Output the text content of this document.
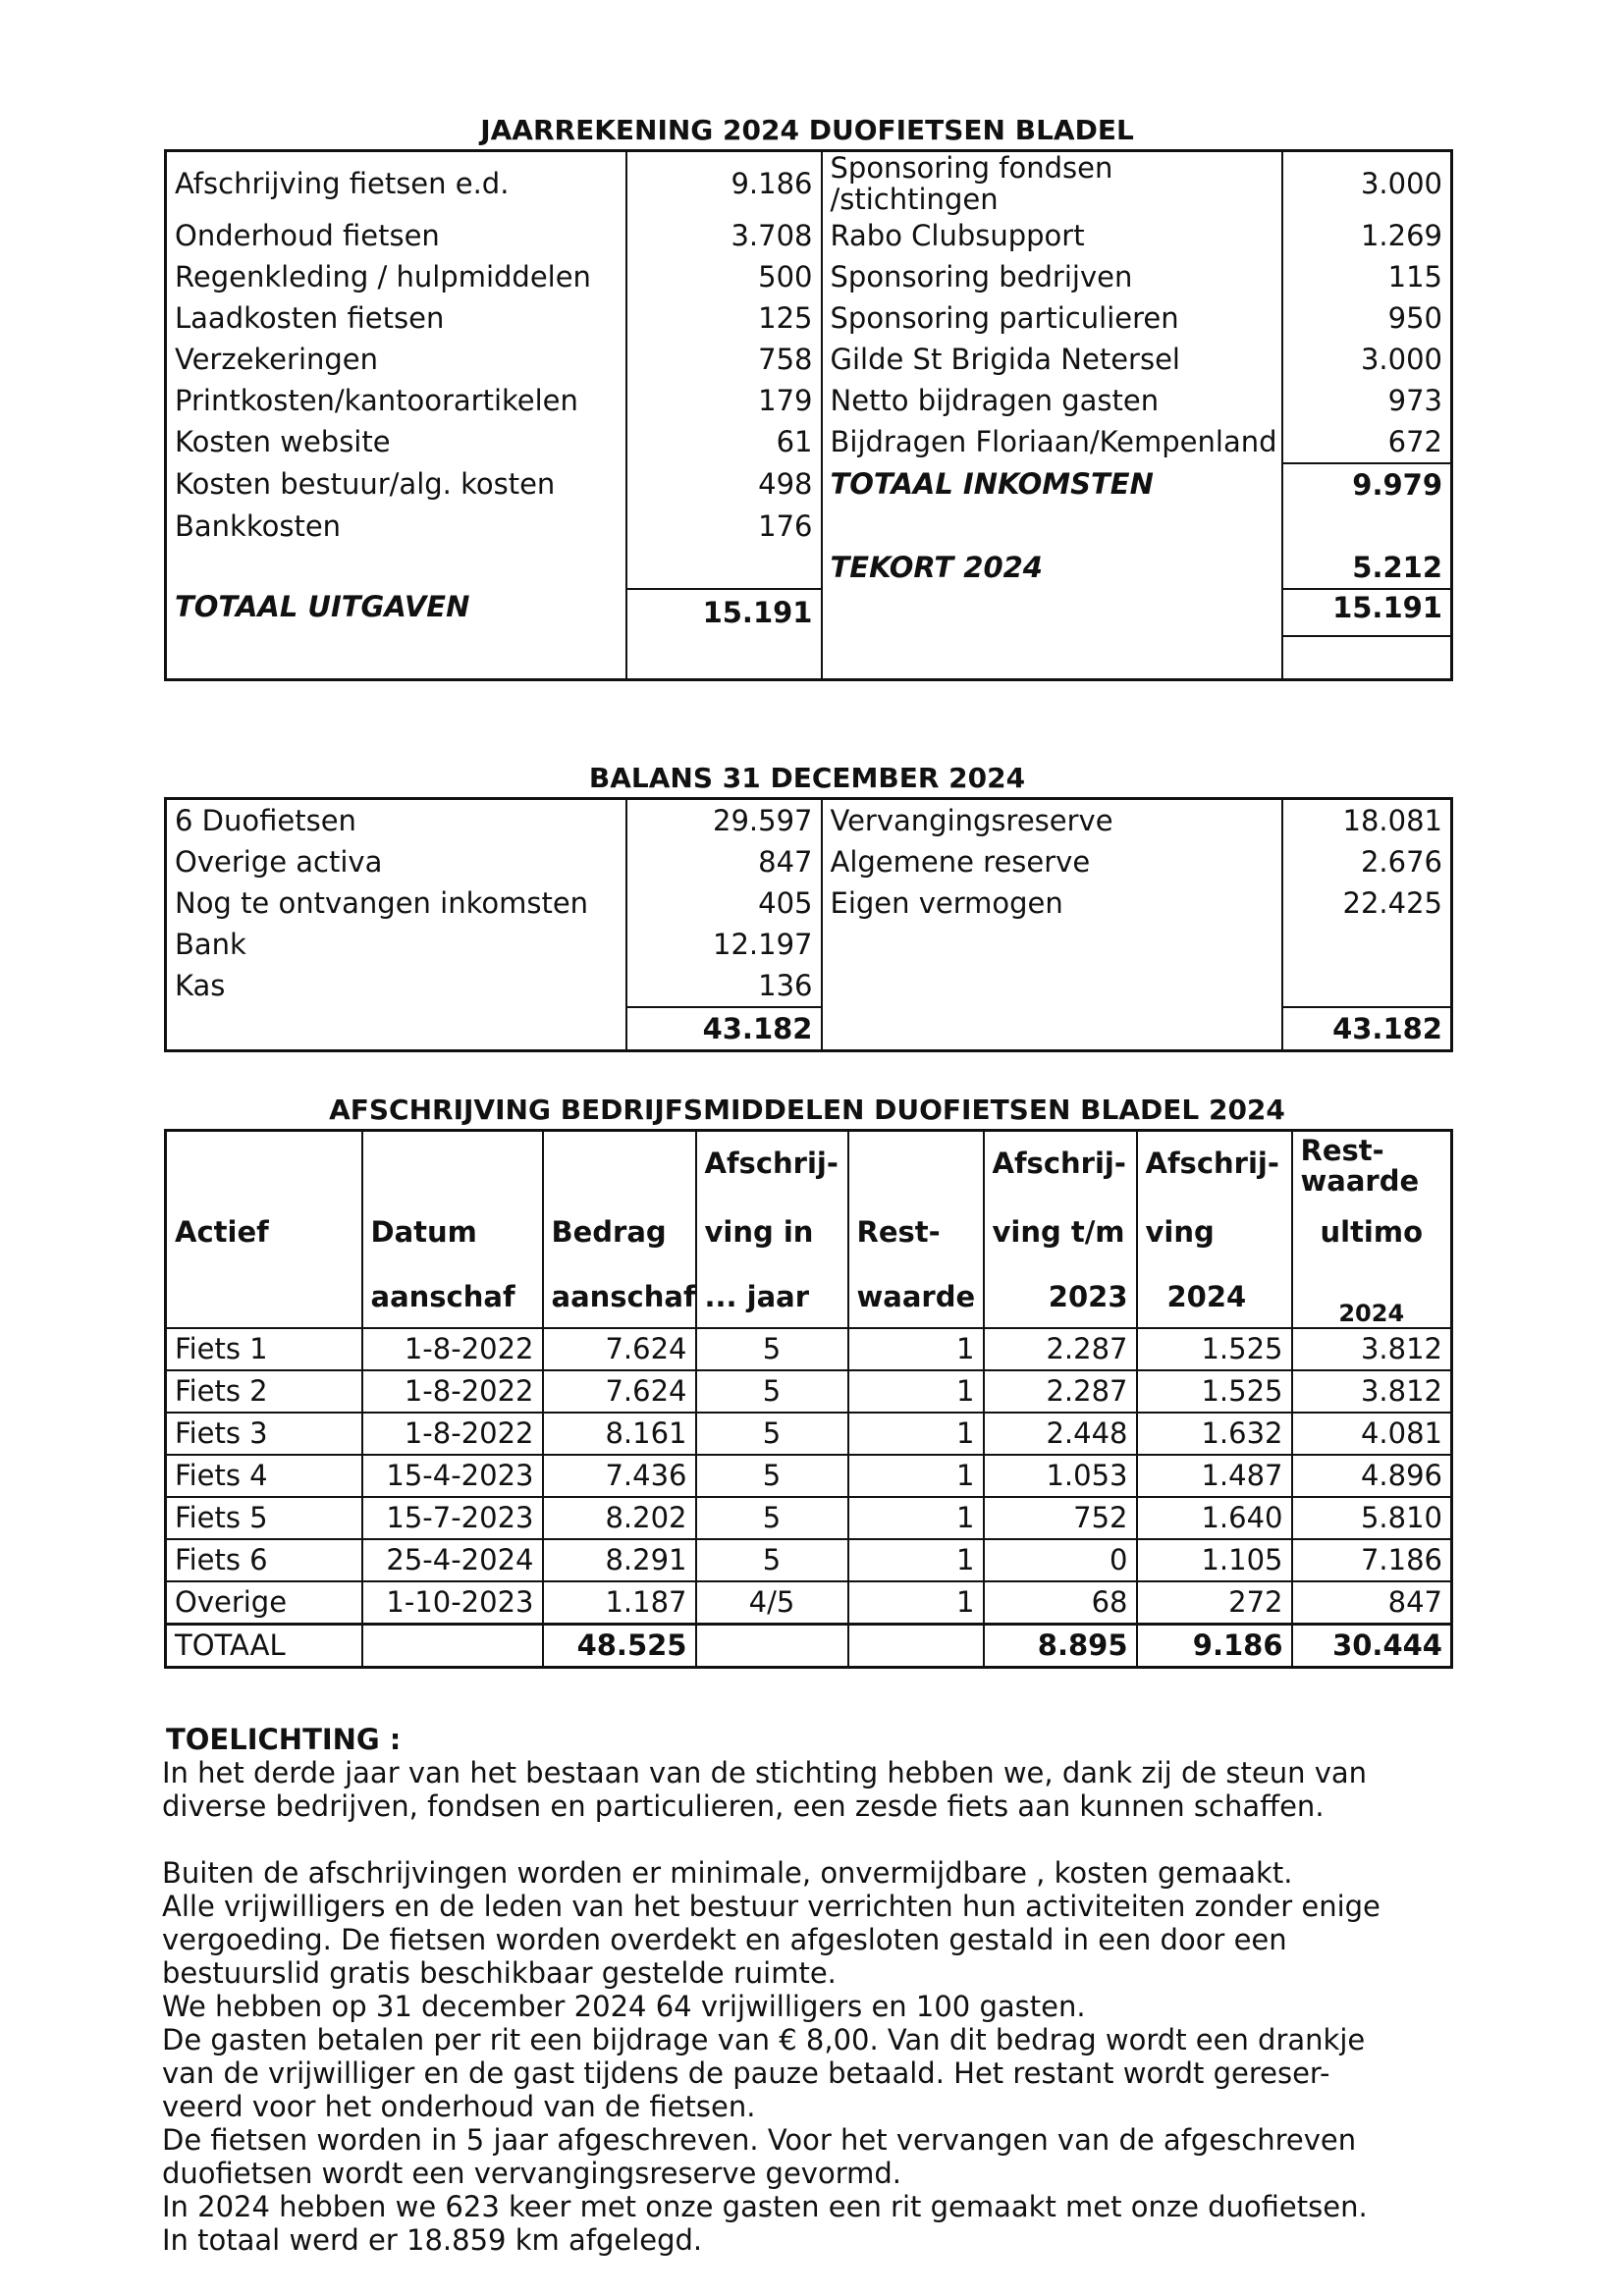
JAARREKENING 2024 DUOFIETSEN BLADEL
Afschrijving fietsen e.d.	9.186	Sponsoring fondsen /stichtingen	3.000
Onderhoud fietsen	3.708	Rabo Clubsupport	1.269
Regenkleding / hulpmiddelen	500	Sponsoring bedrijven	115
Laadkosten fietsen	125	Sponsoring particulieren	950
Verzekeringen	758	Gilde St Brigida Netersel	3.000
Printkosten/kantoorartikelen	179	Netto bijdragen gasten	973
Kosten website	61	Bijdragen Floriaan/Kempenland	672
Kosten bestuur/alg. kosten	498	TOTAAL INKOMSTEN	9.979
Bankkosten	176		
		TEKORT 2024	5.212
TOTAAL UITGAVEN	15.191		15.191

BALANS 31 DECEMBER 2024
6 Duofietsen	29.597	Vervangingsreserve	18.081
Overige activa	847	Algemene reserve	2.676
Nog te ontvangen inkomsten	405	Eigen vermogen	22.425
Bank	12.197		
Kas	136		
	43.182		43.182
AFSCHRIJVING BEDRIJFSMIDDELEN DUOFIETSEN BLADEL 2024
			Afschrij-		Afschrij-	Afschrij-	Rest-
waarde
Actief	Datum	Bedrag	ving in	Rest-	ving t/m	ving	ultimo
	aanschaf	aanschaf	... jaar	waarde	2023	2024	2024
Fiets 1	1-8-2022	7.624	5	1	2.287	1.525	3.812
Fiets 2	1-8-2022	7.624	5	1	2.287	1.525	3.812
Fiets 3	1-8-2022	8.161	5	1	2.448	1.632	4.081
Fiets 4	15-4-2023	7.436	5	1	1.053	1.487	4.896
Fiets 5	15-7-2023	8.202	5	1	752	1.640	5.810
Fiets 6	25-4-2024	8.291	5	1	0	1.105	7.186
Overige	1-10-2023	1.187	4/5	1	68	272	847
TOTAAL		48.525			8.895	9.186	30.444
TOELICHTING :

In het derde jaar van het bestaan van de stichting hebben we, dank zij de steun van

diverse bedrijven, fondsen en particulieren, een zesde fiets aan kunnen schaffen.

Buiten de afschrijvingen worden er minimale, onvermijdbare , kosten gemaakt.

Alle vrijwilligers en de leden van het bestuur verrichten hun activiteiten zonder enige

vergoeding. De fietsen worden overdekt en afgesloten gestald in een door een

bestuurslid gratis beschikbaar gestelde ruimte.

We hebben op 31 december 2024 64 vrijwilligers en 100 gasten.

De gasten betalen per rit een bijdrage van € 8,00. Van dit bedrag wordt een drankje

van de vrijwilliger en de gast tijdens de pauze betaald. Het restant wordt gereser-

veerd voor het onderhoud van de fietsen.

De fietsen worden in 5 jaar afgeschreven. Voor het vervangen van de afgeschreven

duofietsen wordt een vervangingsreserve gevormd.

In 2024 hebben we 623 keer met onze gasten een rit gemaakt met onze duofietsen.

In totaal werd er 18.859 km afgelegd.
